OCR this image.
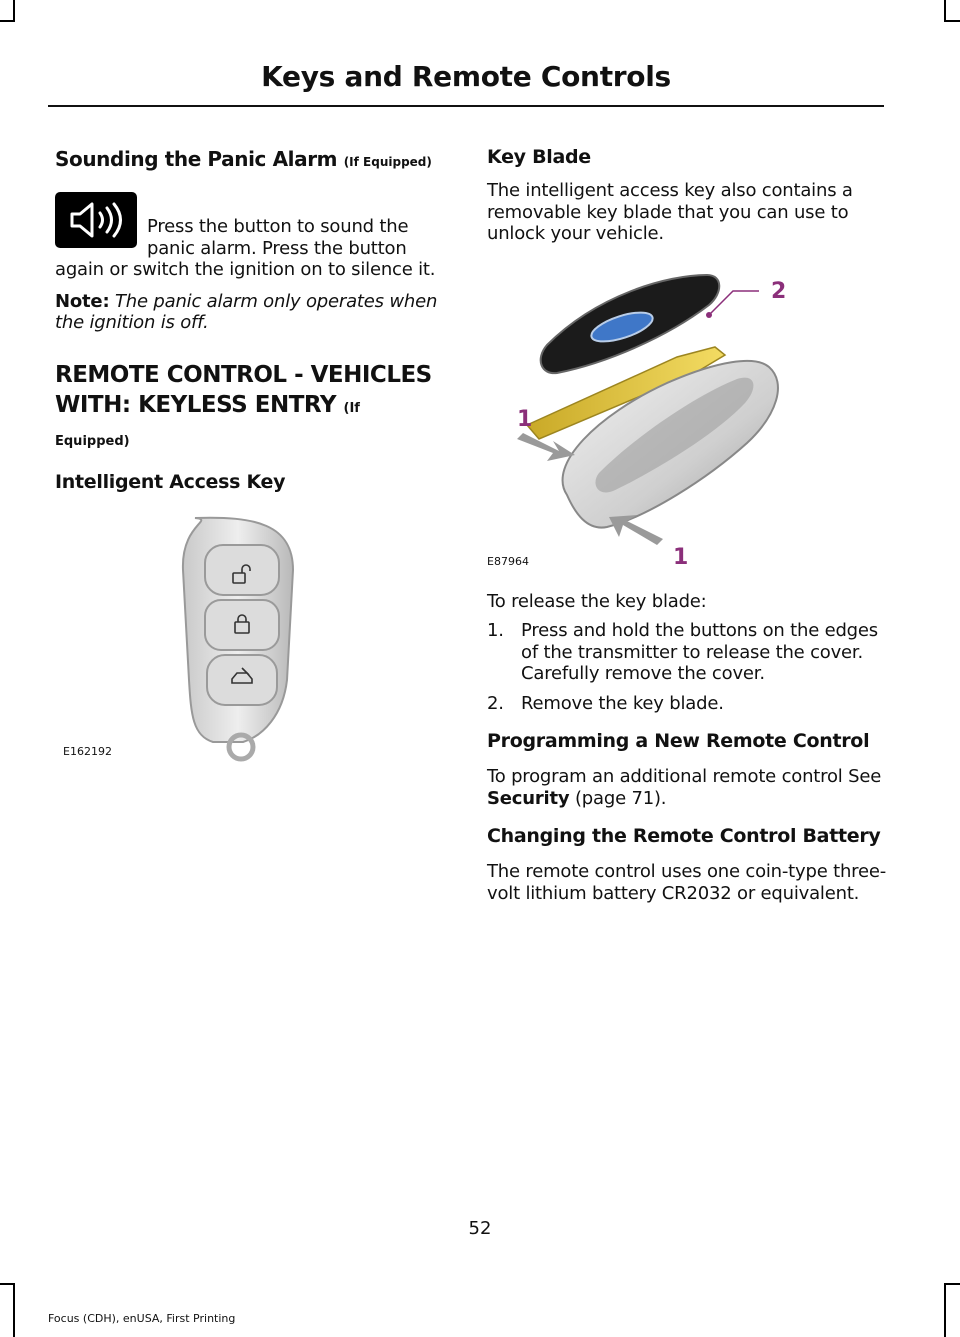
Keys and Remote Controls
Sounding the Panic Alarm (If Equipped)

Press the button to sound the panic alarm. Press the button again or switch the ignition on to silence it.

Note: The panic alarm only operates when the ignition is off.

REMOTE CONTROL - VEHICLES
WITH: KEYLESS ENTRY (If
Equipped)
Intelligent Access Key
E162192
Key Blade

The intelligent access key also contains a removable key blade that you can use to unlock your vehicle.

2
1
1
E87964

To release the key blade:

1. Press and hold the buttons on the edges of the transmitter to release the cover. Carefully remove the cover.
2. Remove the key blade.
Programming a New Remote Control

To program an additional remote control See Security (page 71).

Changing the Remote Control Battery

The remote control uses one coin-type three-volt lithium battery CR2032 or equivalent.

52
Focus (CDH), enUSA, First Printing
